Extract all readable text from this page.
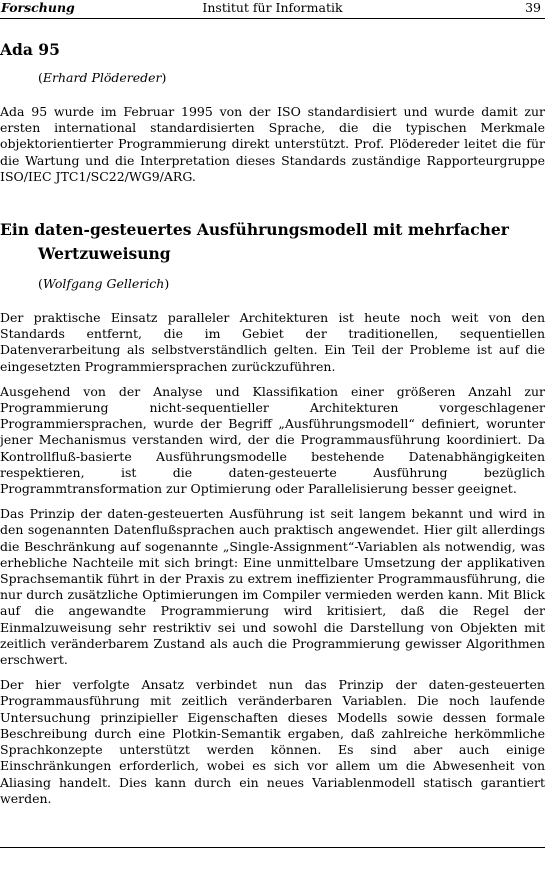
Forschung	Institut für Informatik	39
Ada 95
(Erhard Plödereder)

Ada 95 wurde im Februar 1995 von der ISO standardisiert und wurde damit zur ersten international standardisierten Sprache, die die typischen Merkmale objektorientierter Programmierung direkt unterstützt. Prof. Plödereder leitet die für die Wartung und die Interpretation dieses Standards zuständige Rapporteurgruppe ISO/IEC JTC1/SC22/WG9/ARG.

Ein daten-gesteuertes Ausführungsmodell mit mehrfacher Wertzuweisung
(Wolfgang Gellerich)

Der praktische Einsatz paralleler Architekturen ist heute noch weit von den Standards entfernt, die im Gebiet der traditionellen, sequentiellen Datenverarbeitung als selbstverständlich gelten. Ein Teil der Probleme ist auf die eingesetzten Programmiersprachen zurückzuführen.

Ausgehend von der Analyse und Klassifikation einer größeren Anzahl zur Programmierung nicht-sequentieller Architekturen vorgeschlagener Programmiersprachen, wurde der Begriff „Ausführungsmodell“ definiert, worunter jener Mechanismus verstanden wird, der die Programmausführung koordiniert. Da Kontrollfluß-basierte Ausführungsmodelle bestehende Datenabhängigkeiten respektieren, ist die daten-gesteuerte Ausführung bezüglich Programmtransformation zur Optimierung oder Parallelisierung besser geeignet.

Das Prinzip der daten-gesteuerten Ausführung ist seit langem bekannt und wird in den sogenannten Datenflußsprachen auch praktisch angewendet. Hier gilt allerdings die Beschränkung auf sogenannte „Single-Assignment“-Variablen als notwendig, was erhebliche Nachteile mit sich bringt: Eine unmittelbare Umsetzung der applikativen Sprachsemantik führt in der Praxis zu extrem ineffizienter Programmausführung, die nur durch zusätzliche Optimierungen im Compiler vermieden werden kann. Mit Blick auf die angewandte Programmierung wird kritisiert, daß die Regel der Einmalzuweisung sehr restriktiv sei und sowohl die Darstellung von Objekten mit zeitlich veränderbarem Zustand als auch die Programmierung gewisser Algorithmen erschwert.

Der hier verfolgte Ansatz verbindet nun das Prinzip der daten-gesteuerten Programmausführung mit zeitlich veränderbaren Variablen. Die noch laufende Untersuchung prinzipieller Eigenschaften dieses Modells sowie dessen formale Beschreibung durch eine Plotkin-Semantik ergaben, daß zahlreiche herkömmliche Sprachkonzepte unterstützt werden können. Es sind aber auch einige Einschränkungen erforderlich, wobei es sich vor allem um die Abwesenheit von Aliasing handelt. Dies kann durch ein neues Variablenmodell statisch garantiert werden.
